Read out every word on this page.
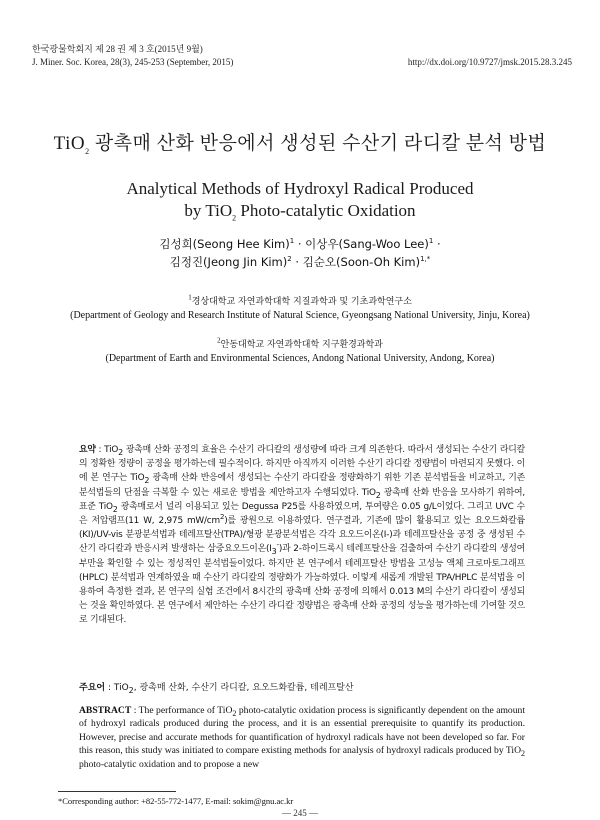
한국광물학회지 제 28 권 제 3 호(2015년 9월)
J. Miner. Soc. Korea, 28(3), 245-253 (September, 2015)	http://dx.doi.org/10.9727/jmsk.2015.28.3.245
TiO$_2$ 광촉매 산화 반응에서 생성된 수산기 라디칼 분석 방법
Analytical Methods of Hydroxyl Radical Produced
by TiO$_2$ Photo-catalytic Oxidation
김성희(Seong Hee Kim)$^1$ · 이상우(Sang-Woo Lee)$^1$ ·
김정진(Jeong Jin Kim)$^2$ · 김순오(Soon-Oh Kim)$^{1,*}$
$^1$경상대학교 자연과학대학 지질과학과 및 기초과학연구소
(Department of Geology and Research Institute of Natural Science, Gyeongsang National University, Jinju, Korea)
$^2$안동대학교 자연과학대학 지구환경과학과
(Department of Earth and Environmental Sciences, Andong National University, Andong, Korea)
요약 : TiO$_2$ 광촉매 산화 공정의 효율은 수산기 라디칼의 생성량에 따라 크게 의존한다. 따라서 생성되는 수산기 라디칼의 정확한 정량이 공정을 평가하는데 필수적이다. 하지만 아직까지 이러한 수산기 라디칼 정량법이 마련되지 못했다. 이에 본 연구는 TiO$_2$ 광촉매 산화 반응에서 생성되는 수산기 라디칼을 정량화하기 위한 기존 분석법들을 비교하고, 기존 분석법들의 단점을 극복할 수 있는 새로운 방법을 제안하고자 수행되었다. TiO$_2$ 광촉매 산화 반응을 모사하기 위하여, 표준 TiO$_2$ 광촉매로서 널리 이용되고 있는 Degussa P25를 사용하였으며, 투여량은 0.05 g/L이었다. 그리고 UVC 수은 저압램프(11 W, 2,975 $mW/cm^2$)를 광원으로 이용하였다. 연구결과, 기존에 많이 활용되고 있는 요오드화칼륨(KI)/UV-vis 분광분석법과 테레프탈산(TPA)/형광 분광분석법은 각각 요오드이온(I-)과 테레프탈산을 공정 중 생성된 수산기 라디칼과 반응시켜 발생하는 삼중요오드이온$(I_3^-)$과 2-하이드록시 테레프탈산을 검출하여 수산기 라디칼의 생성여부만을 확인할 수 있는 정성적인 분석법들이었다. 하지만 본 연구에서 테레프탈산 방법을 고성능 액체 크로마토그래프(HPLC) 분석법과 연계하였을 때 수산기 라디칼의 정량화가 가능하였다. 이렇게 새롭게 개발된 TPA/HPLC 분석법을 이용하여 측정한 결과, 본 연구의 실험 조건에서 8시간의 광촉매 산화 공정에 의해서 0.013 M의 수산기 라디칼이 생성되는 것을 확인하였다. 본 연구에서 제안하는 수산기 라디칼 정량법은 광촉매 산화 공정의 성능을 평가하는데 기여할 것으로 기대된다.
주요어 : TiO$_2$, 광촉매 산화, 수산기 라디칼, 요오드화칼륨, 테레프탈산
ABSTRACT : The performance of TiO$_2$ photo-catalytic oxidation process is significantly dependent on the amount of hydroxyl radicals produced during the process, and it is an essential prerequisite to quantify its production. However, precise and accurate methods for quantification of hydroxyl radicals have not been developed so far. For this reason, this study was initiated to compare existing methods for analysis of hydroxyl radicals produced by TiO$_2$ photo-catalytic oxidation and to propose a new
*Corresponding author: +82-55-772-1477, E-mail: sokim@gnu.ac.kr
— 245 —
